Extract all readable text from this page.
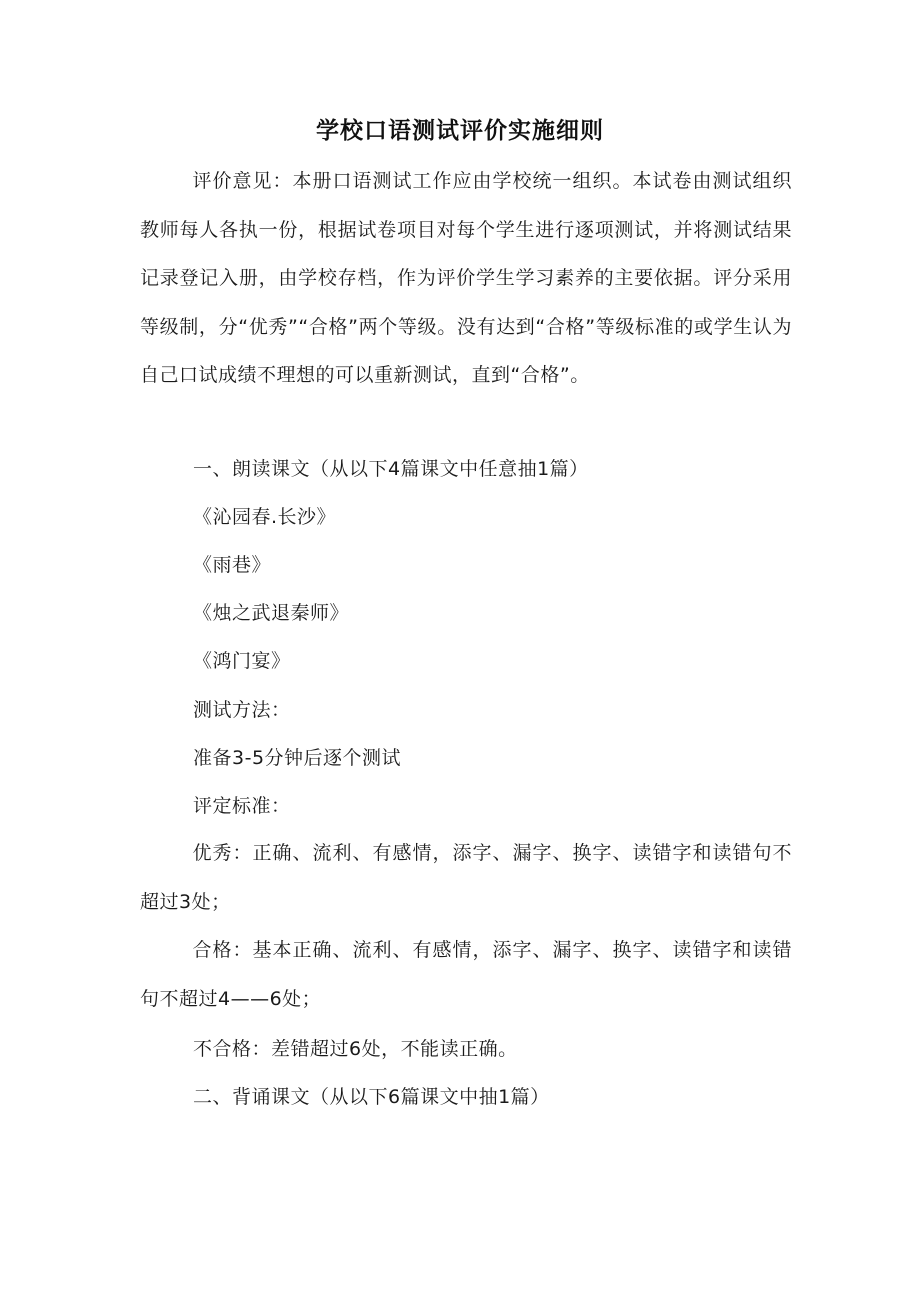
学校口语测试评价实施细则
评价意见：本册口语测试工作应由学校统一组织。本试卷由测试组织教师每人各执一份，根据试卷项目对每个学生进行逐项测试，并将测试结果记录登记入册，由学校存档，作为评价学生学习素养的主要依据。评分采用等级制，分“优秀”“合格”两个等级。没有达到“合格”等级标准的或学生认为自己口试成绩不理想的可以重新测试，直到“合格”。
一、朗读课文（从以下4篇课文中任意抽1篇）
《沁园春.长沙》
《雨巷》
《烛之武退秦师》
《鸿门宴》
测试方法：
准备3-5分钟后逐个测试
评定标准：
优秀：正确、流利、有感情，添字、漏字、换字、读错字和读错句不超过3处；
合格：基本正确、流利、有感情，添字、漏字、换字、读错字和读错句不超过4——6处；
不合格：差错超过6处，不能读正确。
二、背诵课文（从以下6篇课文中抽1篇）
